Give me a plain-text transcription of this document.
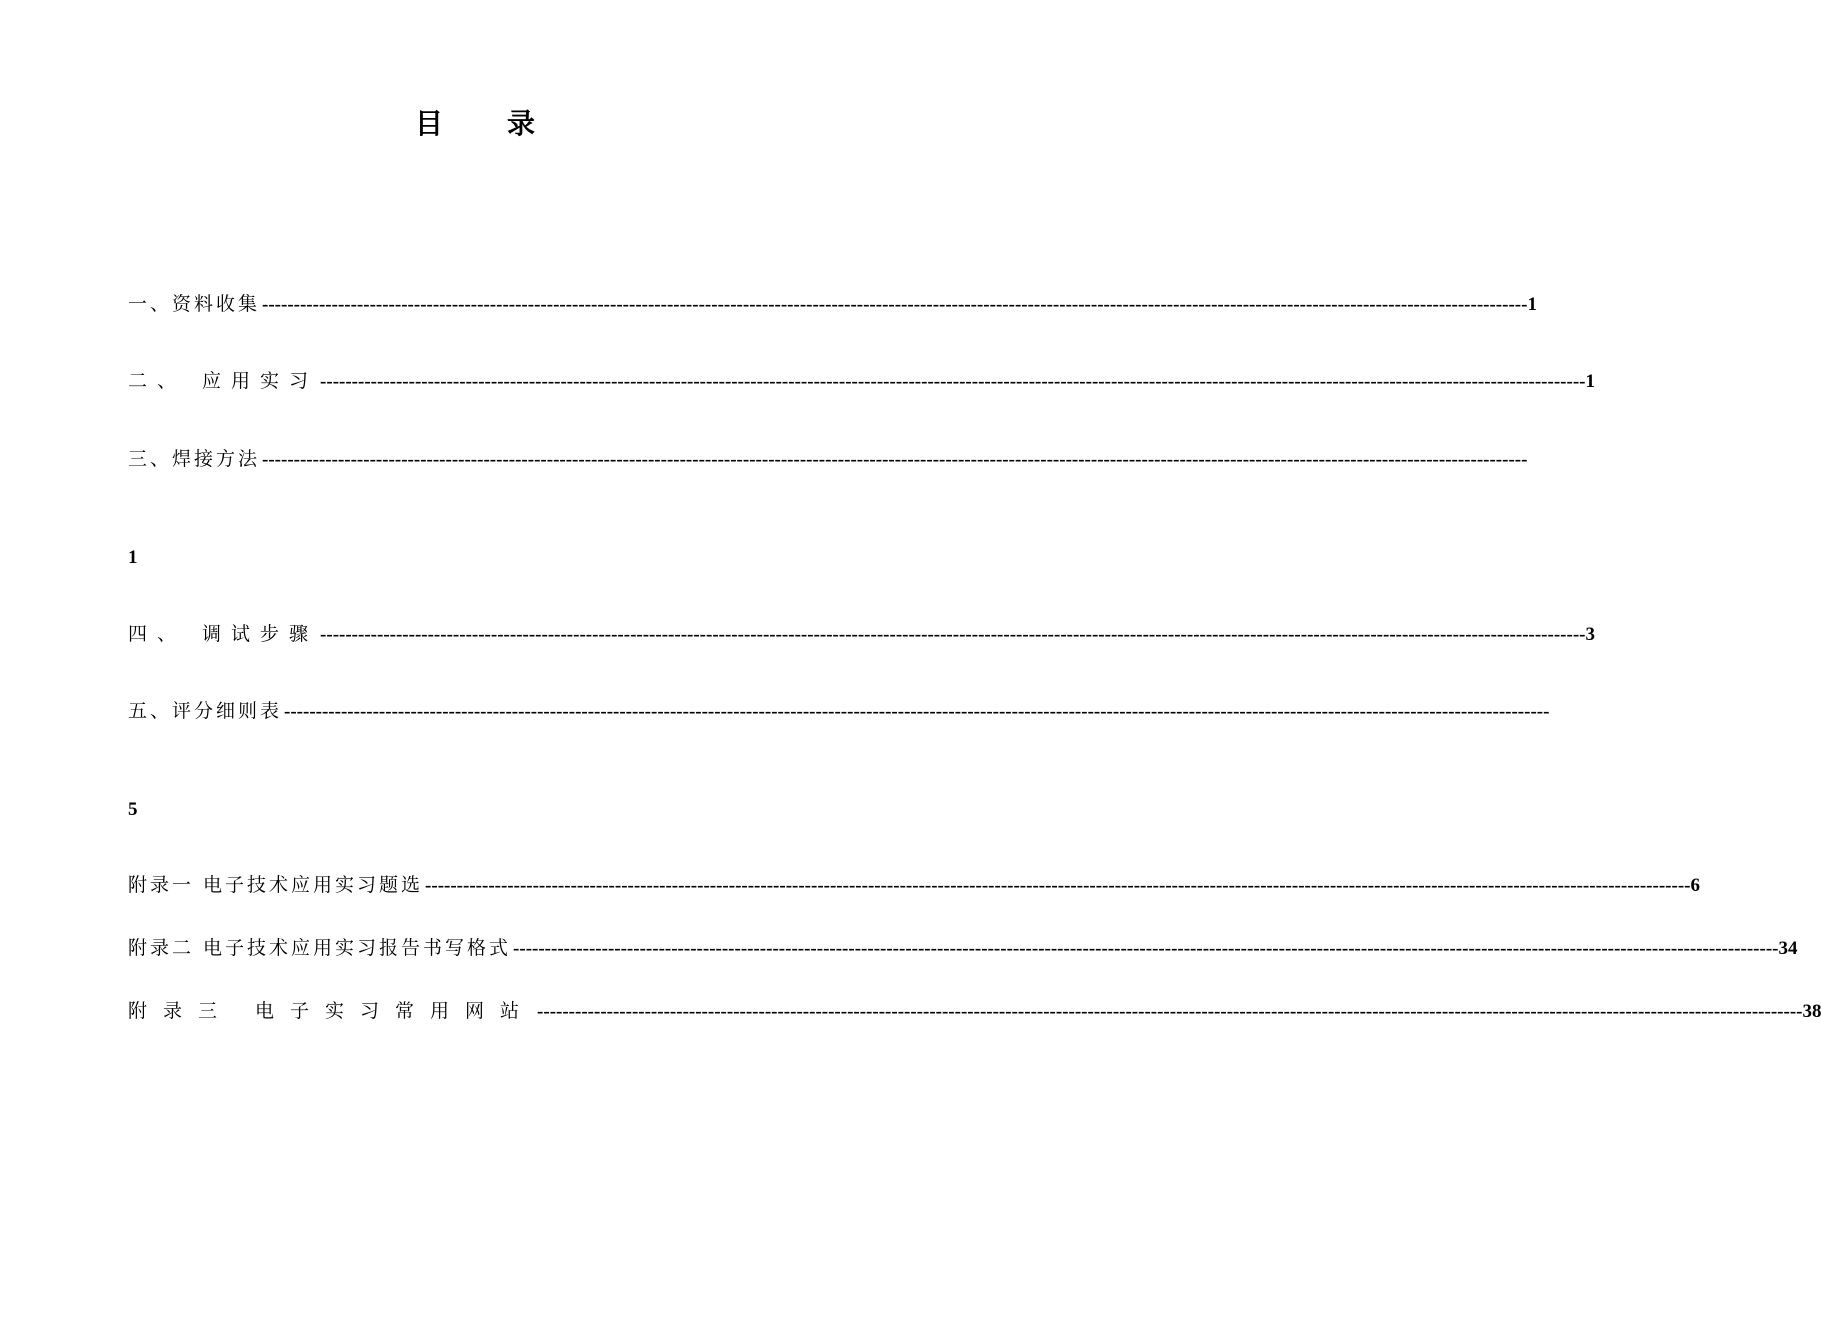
目 录
一、资料收集 -------------------------------------------------------------------------------------------------------------------------------------------------------------------------------------------------------- 1
二、 应用实习 -------------------------------------------------------------------------------------------------------------------------------------------------------------------------------------------------------- 1
三、焊接方法 --------------------------------------------------------------------------------------------------------------------------------------------------------------------------------------------------------
1
四、 调试步骤 -------------------------------------------------------------------------------------------------------------------------------------------------------------------------------------------------------- 3
五、评分细则表 --------------------------------------------------------------------------------------------------------------------------------------------------------------------------------------------------------
5
附录一 电子技术应用实习题选 -------------------------------------------------------------------------------------------------------------------------------------------------------------------------------------------------------- 6
附录二 电子技术应用实习报告书写格式 -------------------------------------------------------------------------------------------------------------------------------------------------------------------------------------------------------- 34
附录三 电子实习常用网站 -------------------------------------------------------------------------------------------------------------------------------------------------------------------------------------------------------- 38
